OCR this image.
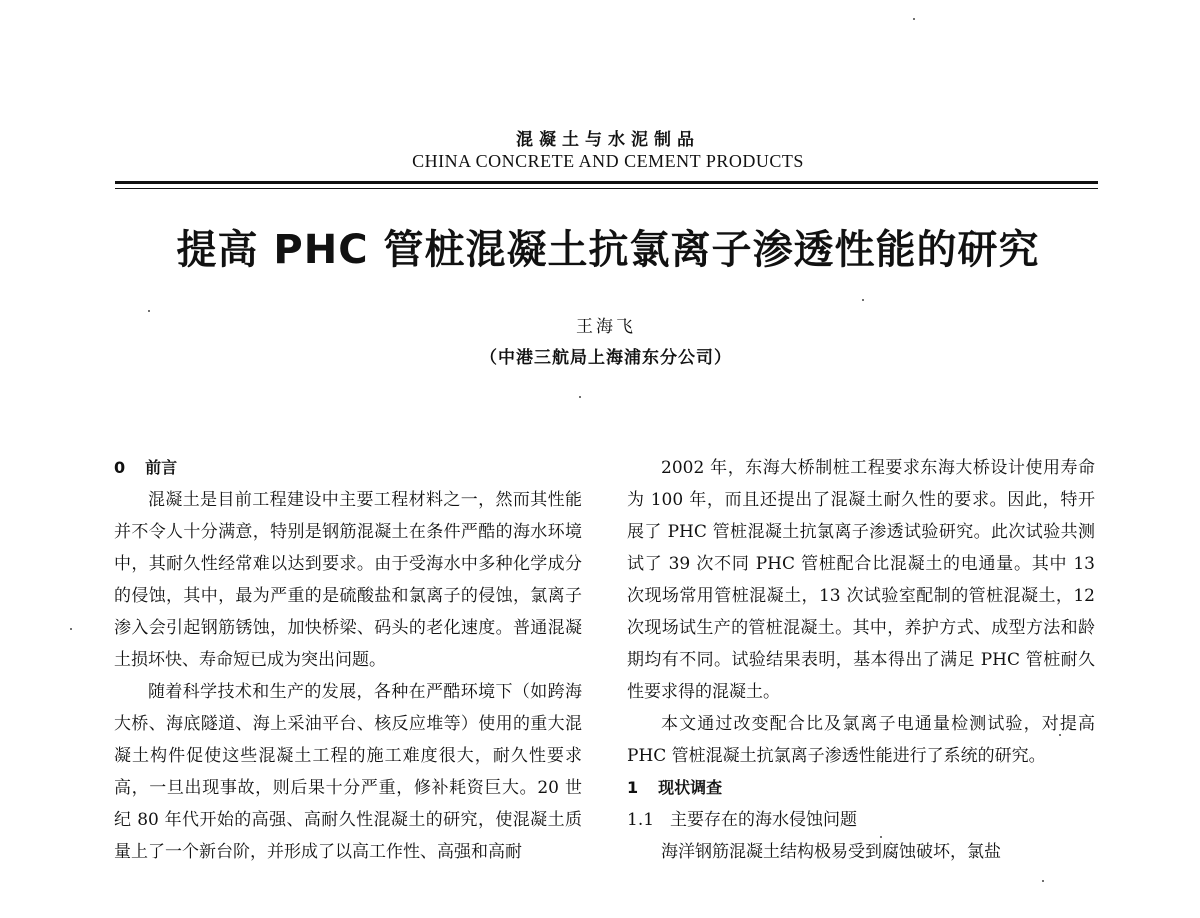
混凝土与水泥制品
CHINA CONCRETE AND CEMENT PRODUCTS
提高 PHC 管桩混凝土抗氯离子渗透性能的研究
王海飞
（中港三航局上海浦东分公司）
0 前言

混凝土是目前工程建设中主要工程材料之一，然而其性能并不令人十分满意，特别是钢筋混凝土在条件严酷的海水环境中，其耐久性经常难以达到要求。由于受海水中多种化学成分的侵蚀，其中，最为严重的是硫酸盐和氯离子的侵蚀，氯离子渗入会引起钢筋锈蚀，加快桥梁、码头的老化速度。普通混凝土损坏快、寿命短已成为突出问题。

随着科学技术和生产的发展，各种在严酷环境下（如跨海大桥、海底隧道、海上采油平台、核反应堆等）使用的重大混凝土构件促使这些混凝土工程的施工难度很大，耐久性要求高，一旦出现事故，则后果十分严重，修补耗资巨大。20 世纪 80 年代开始的高强、高耐久性混凝土的研究，使混凝土质量上了一个新台阶，并形成了以高工作性、高强和高耐

2002 年，东海大桥制桩工程要求东海大桥设计使用寿命为 100 年，而且还提出了混凝土耐久性的要求。因此，特开展了 PHC 管桩混凝土抗氯离子渗透试验研究。此次试验共测试了 39 次不同 PHC 管桩配合比混凝土的电通量。其中 13 次现场常用管桩混凝土，13 次试验室配制的管桩混凝土，12 次现场试生产的管桩混凝土。其中，养护方式、成型方法和龄期均有不同。试验结果表明，基本得出了满足 PHC 管桩耐久性要求得的混凝土。

本文通过改变配合比及氯离子电通量检测试验，对提高 PHC 管桩混凝土抗氯离子渗透性能进行了系统的研究。

1 现状调查
1.1 主要存在的海水侵蚀问题

海洋钢筋混凝土结构极易受到腐蚀破坏，氯盐
